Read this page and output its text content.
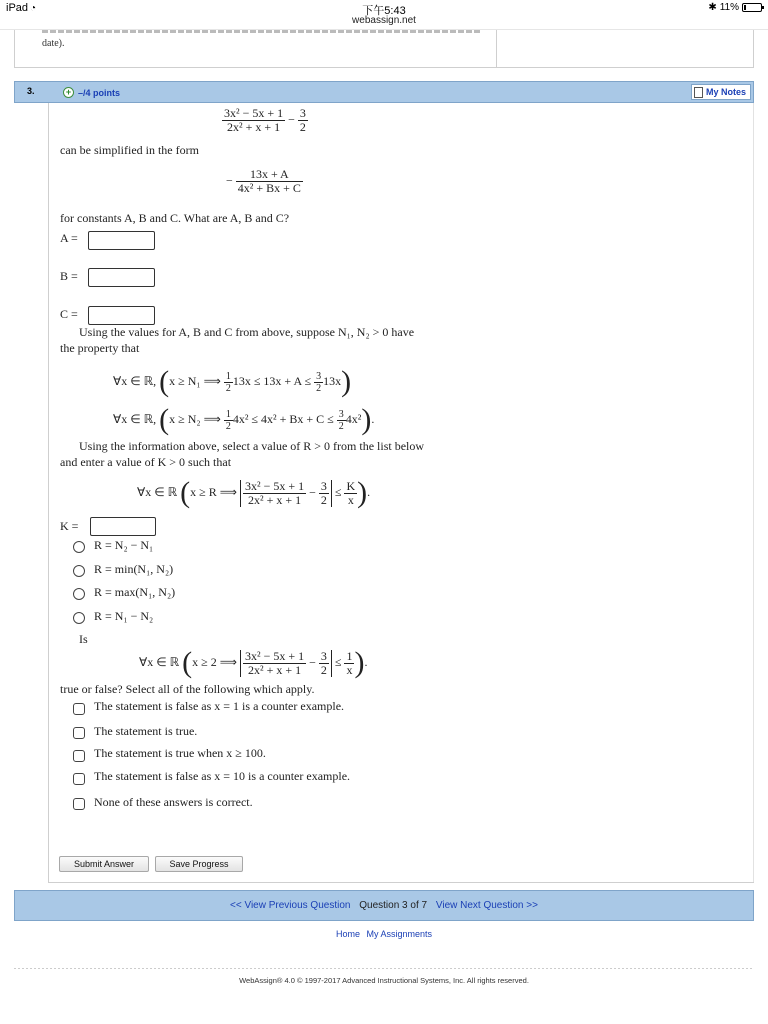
iPad ◔	下午5:43
webassign.net
✱ 11%
date).
3.	+ –/4 points	My Notes
$\frac{\text{3x² − 5x + 1}}{\text{2x² + x + 1}} - \frac{3}{2}$
can be simplified in the form
− $\frac{13x + A}{\text{4x² + Bx + C}}$
for constants A, B and C. What are A, B and C?
A =
B =
C =
Using the values for A, B and C from above, suppose N₁, N₂ > 0 have
the property that
∀x ∈ ℝ, (x ≥ N₁ ⟹ $\frac{1}{2} 13x \le 13x + A \le \frac{3}{2} 13x$)
∀x ∈ ℝ, (x ≥ N₂ ⟹ $\frac{1}{2} 4x^2 \le 4x^2 + Bx + C \le \frac{3}{2} 4x^2$).
Using the information above, select a value of R > 0 from the list below
and enter a value of K > 0 such that
∀x ∈ ℝ (x ≥ R ⟹ $\frac{\text{3x² − 5x + 1}}{\text{2x² + x + 1}} - \frac{3}{2} \le \frac{K}{x}$ ).
K =
R = N₂ − N₁
R = min(N₁, N₂)
R = max(N₁, N₂)
R = N₁ − N₂
Is
∀x ∈ ℝ (x ≥ 2 ⟹ $\frac{\text{3x² − 5x + 1}}{\text{2x² + x + 1}} - \frac{3}{2} \le \frac{1}{x}$ ).
true or false? Select all of the following which apply.
The statement is false as x = 1 is a counter example.
The statement is true.
The statement is true when x ≥ 100.
The statement is false as x = 10 is a counter example.
None of these answers is correct.
Submit Answer	Save Progress
<< View Previous Question Question 3 of 7 View Next Question >>
Home My Assignments
WebAssign® 4.0 © 1997-2017 Advanced Instructional Systems, Inc. All rights reserved.
